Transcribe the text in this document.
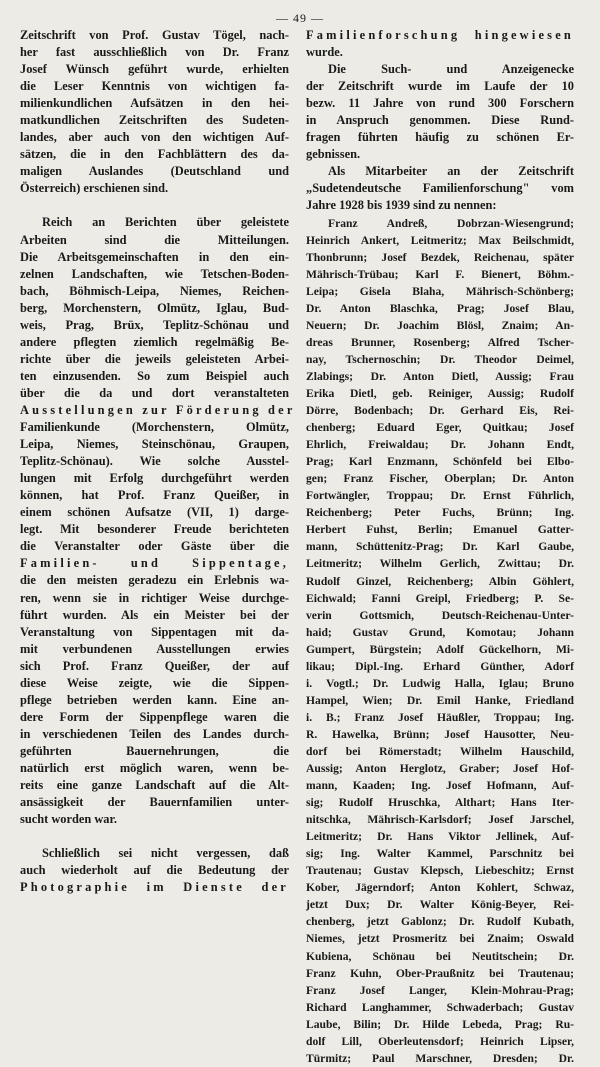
— 49 —

Zeitschrift von Prof. Gustav Tögel, nach-
her fast ausschließlich von Dr. Franz
Josef Wünsch geführt wurde, erhielten
die Leser Kenntnis von wichtigen fa-
milienkundlichen Aufsätzen in den hei-
matkundlichen Zeitschriften des Sudeten-
landes, aber auch von den wichtigen Auf-
sätzen, die in den Fachblättern des da-
maligen Auslandes (Deutschland und
Österreich) erschienen sind.

Reich an Berichten über geleistete
Arbeiten sind die Mitteilungen.
Die Arbeitsgemeinschaften in den ein-
zelnen Landschaften, wie Tetschen-Boden-
bach, Böhmisch-Leipa, Niemes, Reichen-
berg, Morchenstern, Olmütz, Iglau, Bud-
weis, Prag, Brüx, Teplitz-Schönau und
andere pflegten ziemlich regelmäßig Be-
richte über die jeweils geleisteten Arbei-
ten einzusenden. So zum Beispiel auch
über die da und dort veranstalteten
Ausstellungen zur Förderung der
Familienkunde (Morchenstern, Olmütz,
Leipa, Niemes, Steinschönau, Graupen,
Teplitz-Schönau). Wie solche Ausstel-
lungen mit Erfolg durchgeführt werden
können, hat Prof. Franz Queißer, in
einem schönen Aufsatze (VII, 1) darge-
legt. Mit besonderer Freude berichteten
die Veranstalter oder Gäste über die
Familien- und Sippentage,
die den meisten geradezu ein Erlebnis wa-
ren, wenn sie in richtiger Weise durchge-
führt wurden. Als ein Meister bei der
Veranstaltung von Sippentagen mit da-
mit verbundenen Ausstellungen erwies
sich Prof. Franz Queißer, der auf
diese Weise zeigte, wie die Sippen-
pflege betrieben werden kann. Eine an-
dere Form der Sippenpflege waren die
in verschiedenen Teilen des Landes durch-
geführten Bauernehrungen, die
natürlich erst möglich waren, wenn be-
reits eine ganze Landschaft auf die Alt-
ansässigkeit der Bauernfamilien unter-
sucht worden war.

Schließlich sei nicht vergessen, daß
auch wiederholt auf die Bedeutung der
Photographie im Dienste der

Familienforschung hingewiesen
wurde.

Die Such- und Anzeigenecke
der Zeitschrift wurde im Laufe der 10
bezw. 11 Jahre von rund 300 Forschern
in Anspruch genommen. Diese Rund-
fragen führten häufig zu schönen Er-
gebnissen.

Als Mitarbeiter an der Zeitschrift
„Sudetendeutsche Familienforschung" vom
Jahre 1928 bis 1939 sind zu nennen:

Franz Andreß, Dobrzan-Wiesengrund;
Heinrich Ankert, Leitmeritz; Max Beilschmidt,
Thonbrunn; Josef Bezdek, Reichenau, später
Mährisch-Trübau; Karl F. Bienert, Böhm.-
Leipa; Gisela Blaha, Mährisch-Schönberg;
Dr. Anton Blaschka, Prag; Josef Blau,
Neuern; Dr. Joachim Blösl, Znaim; An-
dreas Brunner, Rosenberg; Alfred Tscher-
nay, Tschernoschin; Dr. Theodor Deimel,
Zlabings; Dr. Anton Dietl, Aussig; Frau
Erika Dietl, geb. Reiniger, Aussig; Rudolf
Dörre, Bodenbach; Dr. Gerhard Eis, Rei-
chenberg; Eduard Eger, Quitkau; Josef
Ehrlich, Freiwaldau; Dr. Johann Endt,
Prag; Karl Enzmann, Schönfeld bei Elbo-
gen; Franz Fischer, Oberplan; Dr. Anton
Fortwängler, Troppau; Dr. Ernst Führlich,
Reichenberg; Peter Fuchs, Brünn; Ing.
Herbert Fuhst, Berlin; Emanuel Gatter-
mann, Schüttenitz-Prag; Dr. Karl Gaube,
Leitmeritz; Wilhelm Gerlich, Zwittau; Dr.
Rudolf Ginzel, Reichenberg; Albin Göhlert,
Eichwald; Fanni Greipl, Friedberg; P. Se-
verin Gottsmich, Deutsch-Reichenau-Unter-
haid; Gustav Grund, Komotau; Johann
Gumpert, Bürgstein; Adolf Gückelhorn, Mi-
likau; Dipl.-Ing. Erhard Günther, Adorf
i. Vogtl.; Dr. Ludwig Halla, Iglau; Bruno
Hampel, Wien; Dr. Emil Hanke, Friedland
i. B.; Franz Josef Häußler, Troppau; Ing.
R. Hawelka, Brünn; Josef Hausotter, Neu-
dorf bei Römerstadt; Wilhelm Hauschild,
Aussig; Anton Herglotz, Graber; Josef Hof-
mann, Kaaden; Ing. Josef Hofmann, Auf-
sig; Rudolf Hruschka, Althart; Hans Iter-
nitschka, Mährisch-Karlsdorf; Josef Jarschel,
Leitmeritz; Dr. Hans Viktor Jellinek, Auf-
sig; Ing. Walter Kammel, Parschnitz bei
Trautenau; Gustav Klepsch, Liebeschitz; Ernst
Kober, Jägerndorf; Anton Kohlert, Schwaz,
jetzt Dux; Dr. Walter König-Beyer, Rei-
chenberg, jetzt Gablonz; Dr. Rudolf Kubath,
Niemes, jetzt Prosmeritz bei Znaim; Oswald
Kubiena, Schönau bei Neutitschein; Dr.
Franz Kuhn, Ober-Praußnitz bei Trautenau;
Franz Josef Langer, Klein-Mohrau-Prag;
Richard Langhammer, Schwaderbach; Gustav
Laube, Bilin; Dr. Hilde Lebeda, Prag; Ru-
dolf Lill, Oberleutensdorf; Heinrich Lipser,
Türmitz; Paul Marschner, Dresden; Dr.
